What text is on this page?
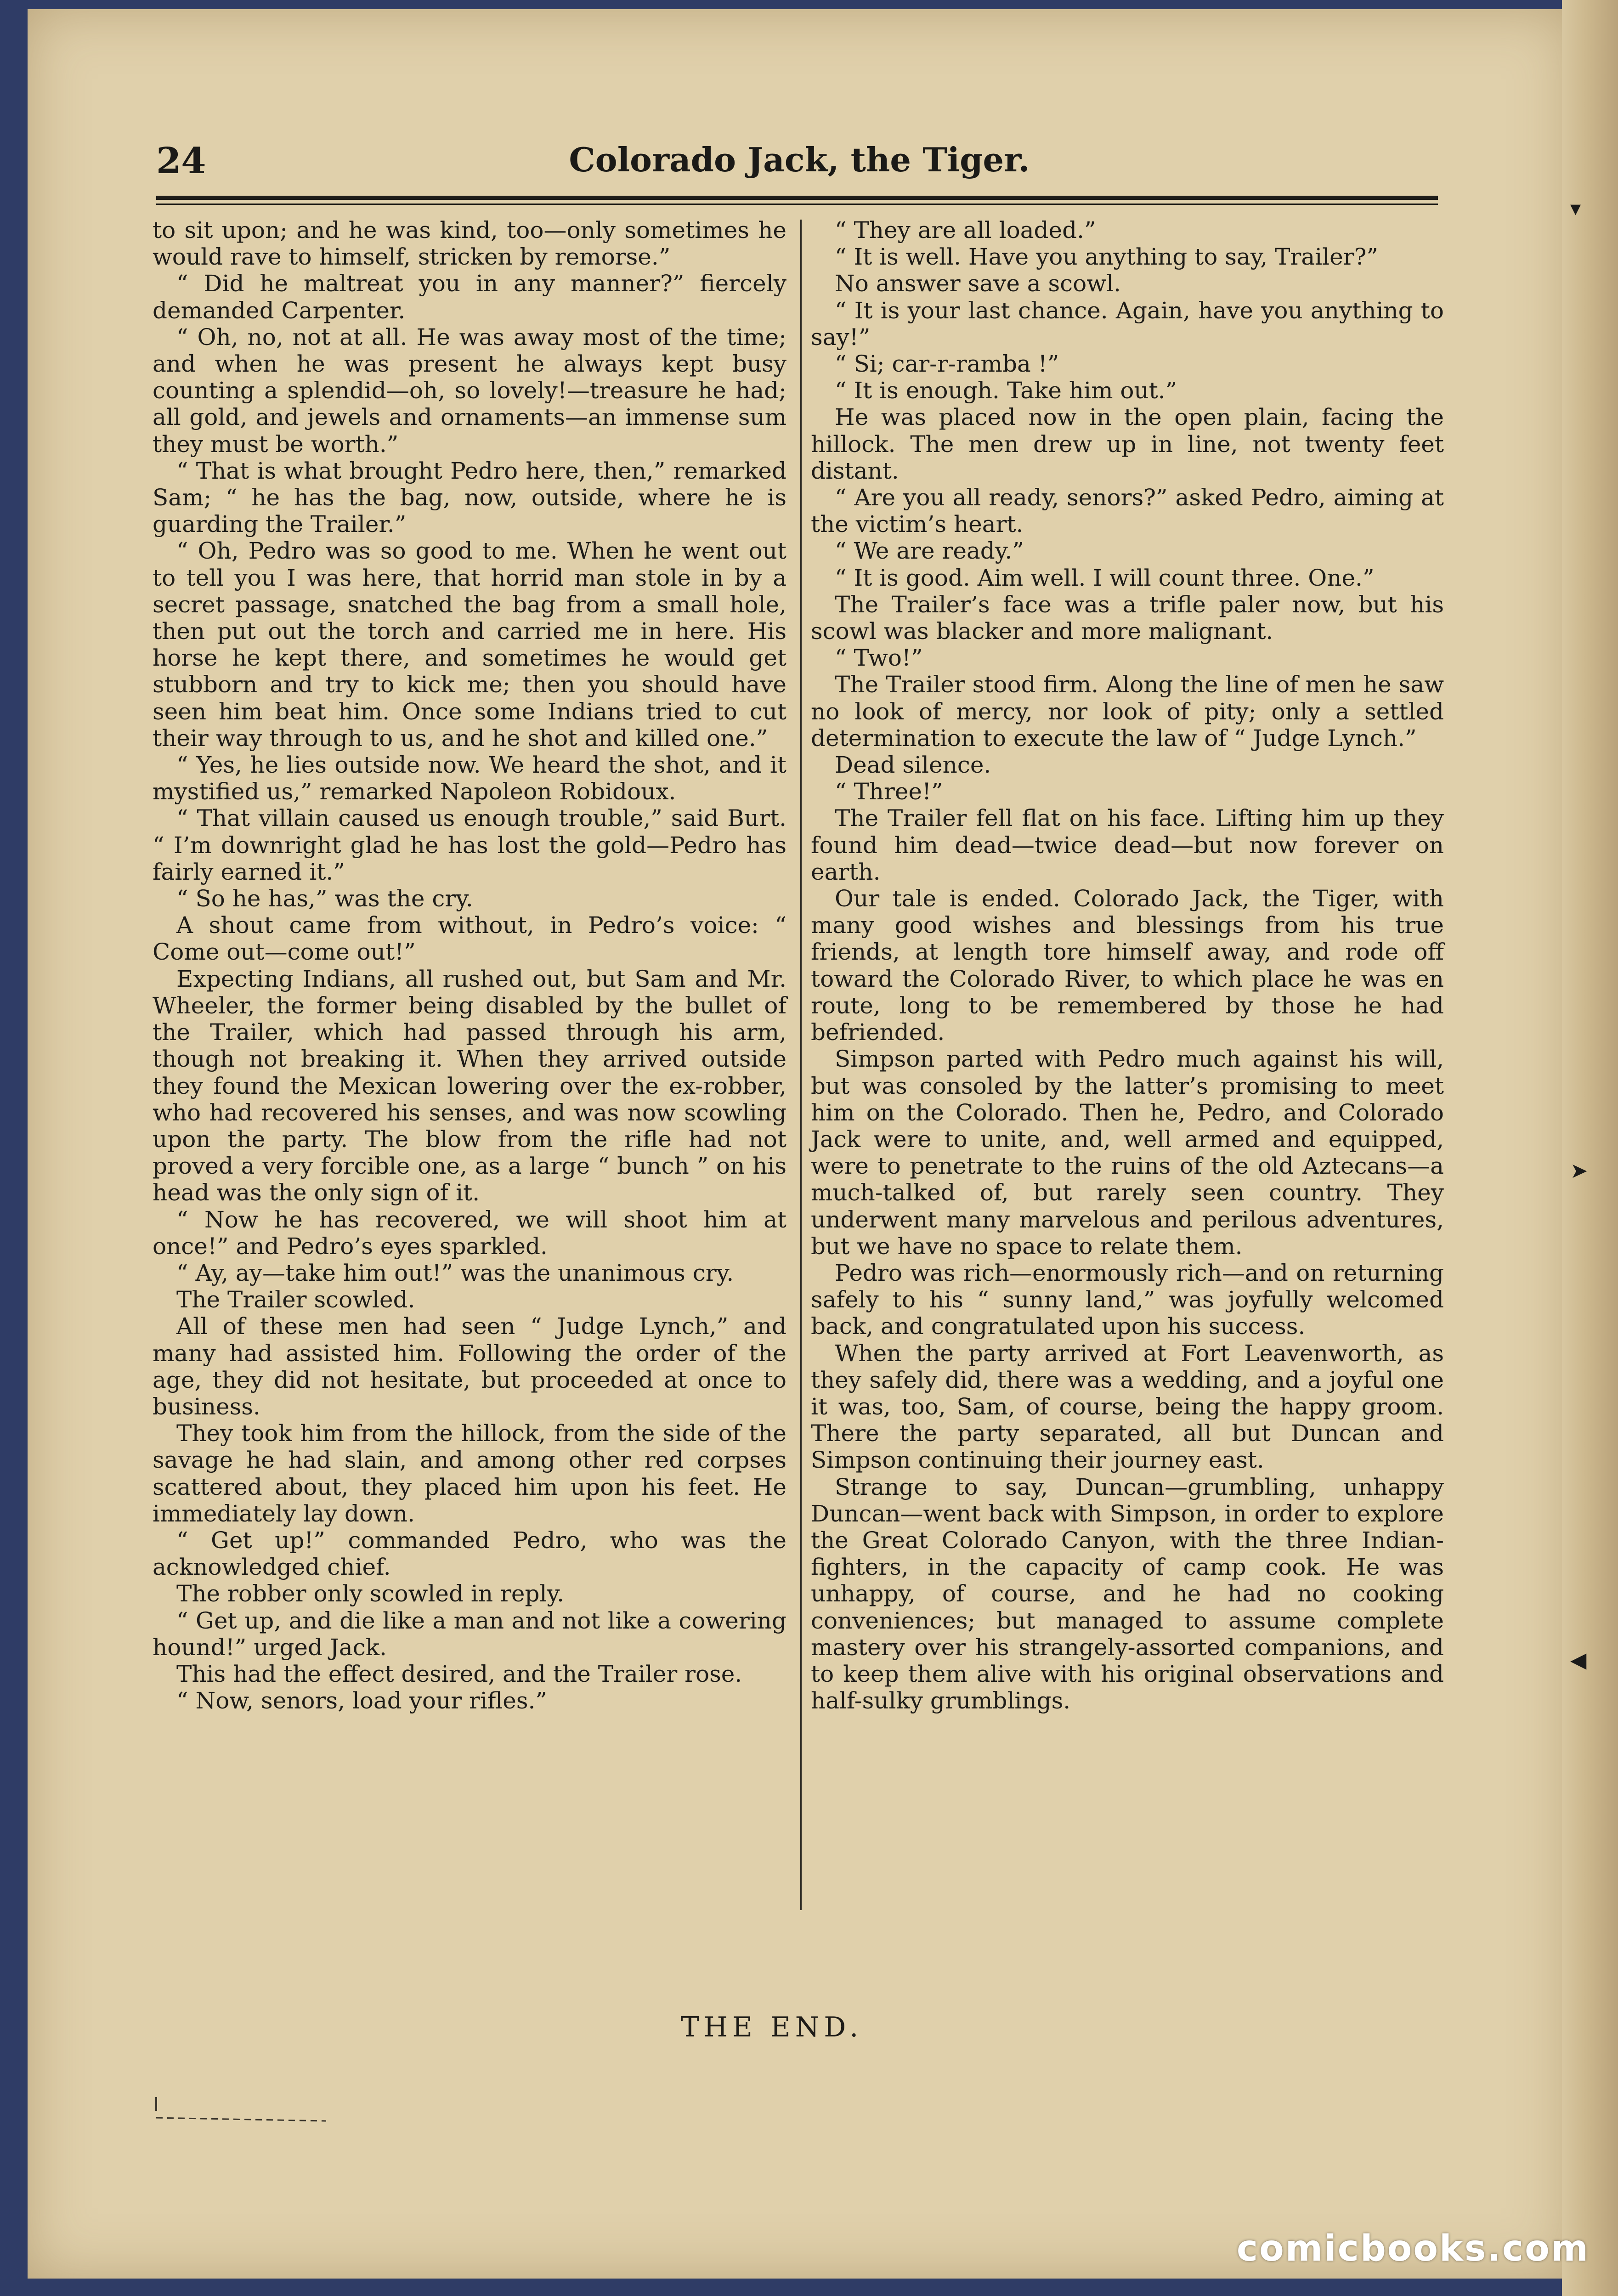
▾
➤
◀
24	Colorado Jack, the Tiger.

to sit upon; and he was kind, too—only sometimes he would rave to himself, stricken by remorse.”

“ Did he maltreat you in any manner?” fiercely demanded Carpenter.

“ Oh, no, not at all. He was away most of the time; and when he was present he always kept busy counting a splendid—oh, so lovely!—treasure he had; all gold, and jewels and ornaments—an immense sum they must be worth.”

“ That is what brought Pedro here, then,” remarked Sam; “ he has the bag, now, outside, where he is guarding the Trailer.”

“ Oh, Pedro was so good to me. When he went out to tell you I was here, that horrid man stole in by a secret passage, snatched the bag from a small hole, then put out the torch and carried me in here. His horse he kept there, and sometimes he would get stubborn and try to kick me; then you should have seen him beat him. Once some Indians tried to cut their way through to us, and he shot and killed one.”

“ Yes, he lies outside now. We heard the shot, and it mystified us,” remarked Napoleon Robidoux.

“ That villain caused us enough trouble,” said Burt. “ I’m downright glad he has lost the gold—Pedro has fairly earned it.”

“ So he has,” was the cry.

A shout came from without, in Pedro’s voice: “ Come out—come out!”

Expecting Indians, all rushed out, but Sam and Mr. Wheeler, the former being disabled by the bullet of the Trailer, which had passed through his arm, though not breaking it. When they arrived outside they found the Mexican lowering over the ex-robber, who had recovered his senses, and was now scowling upon the party. The blow from the rifle had not proved a very forcible one, as a large “ bunch ” on his head was the only sign of it.

“ Now he has recovered, we will shoot him at once!” and Pedro’s eyes sparkled.

“ Ay, ay—take him out!” was the unanimous cry.

The Trailer scowled.

All of these men had seen “ Judge Lynch,” and many had assisted him. Following the order of the age, they did not hesitate, but proceeded at once to business.

They took him from the hillock, from the side of the savage he had slain, and among other red corpses scattered about, they placed him upon his feet. He immediately lay down.

“ Get up!” commanded Pedro, who was the acknowledged chief.

The robber only scowled in reply.

“ Get up, and die like a man and not like a cowering hound!” urged Jack.

This had the effect desired, and the Trailer rose.

“ Now, senors, load your rifles.”

“ They are all loaded.”

“ It is well. Have you anything to say, Trailer?”

No answer save a scowl.

“ It is your last chance. Again, have you anything to say!”

“ Si; car-r-ramba !”

“ It is enough. Take him out.”

He was placed now in the open plain, facing the hillock. The men drew up in line, not twenty feet distant.

“ Are you all ready, senors?” asked Pedro, aiming at the victim’s heart.

“ We are ready.”

“ It is good. Aim well. I will count three. One.”

The Trailer’s face was a trifle paler now, but his scowl was blacker and more malignant.

“ Two!”

The Trailer stood firm. Along the line of men he saw no look of mercy, nor look of pity; only a settled determination to execute the law of “ Judge Lynch.”

Dead silence.

“ Three!”

The Trailer fell flat on his face. Lifting him up they found him dead—twice dead—but now forever on earth.

Our tale is ended. Colorado Jack, the Tiger, with many good wishes and blessings from his true friends, at length tore himself away, and rode off toward the Colorado River, to which place he was en route, long to be remembered by those he had befriended.

Simpson parted with Pedro much against his will, but was consoled by the latter’s promising to meet him on the Colorado. Then he, Pedro, and Colorado Jack were to unite, and, well armed and equipped, were to penetrate to the ruins of the old Aztecans—a much-talked of, but rarely seen country. They underwent many marvelous and perilous adventures, but we have no space to relate them.

Pedro was rich—enormously rich—and on returning safely to his “ sunny land,” was joyfully welcomed back, and congratulated upon his success.

When the party arrived at Fort Leavenworth, as they safely did, there was a wedding, and a joyful one it was, too, Sam, of course, being the happy groom. There the party separated, all but Duncan and Simpson continuing their journey east.

Strange to say, Duncan—grumbling, unhappy Duncan—went back with Simpson, in order to explore the Great Colorado Canyon, with the three Indian-fighters, in the capacity of camp cook. He was unhappy, of course, and he had no cooking conveniences; but managed to assume complete mastery over his strangely-assorted companions, and to keep them alive with his original observations and half-sulky grumblings.

THE END.
comicbooks.com
